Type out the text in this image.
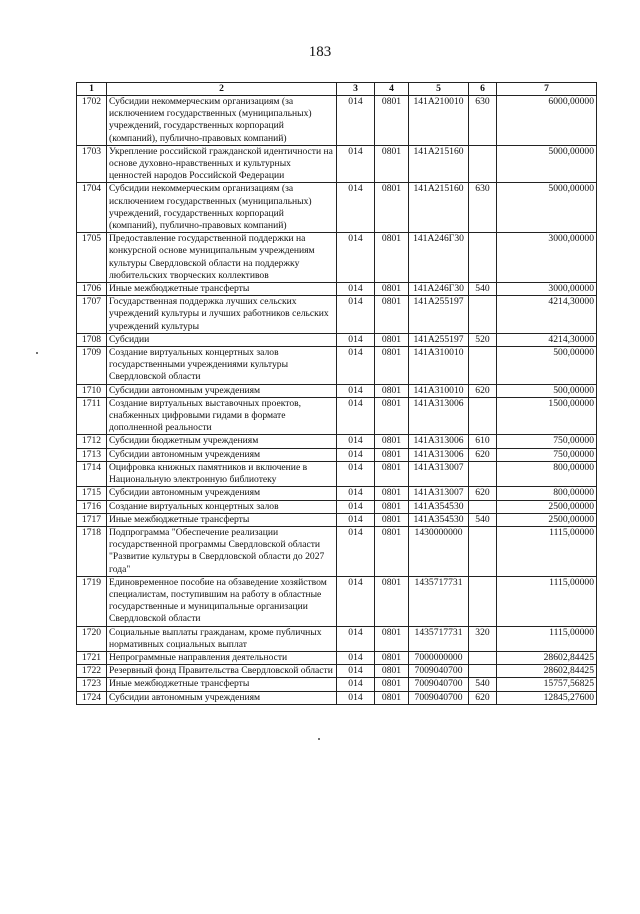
183
1	2	3	4	5	6	7
1702	Субсидии некоммерческим организациям (за исключением государственных (муниципальных) учреждений, государственных корпораций (компаний), публично-правовых компаний)	014	0801	141A210010	630	6000,00000
1703	Укрепление российской гражданской идентичности на основе духовно-нравственных и культурных ценностей народов Российской Федерации	014	0801	141A215160		5000,00000
1704	Субсидии некоммерческим организациям (за исключением государственных (муниципальных) учреждений, государственных корпораций (компаний), публично-правовых компаний)	014	0801	141A215160	630	5000,00000
1705	Предоставление государственной поддержки на конкурсной основе муниципальным учреждениям культуры Свердловской области на поддержку любительских творческих коллективов	014	0801	141A246Г30		3000,00000
1706	Иные межбюджетные трансферты	014	0801	141A246Г30	540	3000,00000
1707	Государственная поддержка лучших сельских учреждений культуры и лучших работников сельских учреждений культуры	014	0801	141A255197		4214,30000
1708	Субсидии	014	0801	141A255197	520	4214,30000
1709	Создание виртуальных концертных залов государственными учреждениями культуры Свердловской области	014	0801	141A310010		500,00000
1710	Субсидии автономным учреждениям	014	0801	141A310010	620	500,00000
1711	Создание виртуальных выставочных проектов, снабженных цифровыми гидами в формате дополненной реальности	014	0801	141A313006		1500,00000
1712	Субсидии бюджетным учреждениям	014	0801	141A313006	610	750,00000
1713	Субсидии автономным учреждениям	014	0801	141A313006	620	750,00000
1714	Оцифровка книжных памятников и включение в Национальную электронную библиотеку	014	0801	141A313007		800,00000
1715	Субсидии автономным учреждениям	014	0801	141A313007	620	800,00000
1716	Создание виртуальных концертных залов	014	0801	141A354530		2500,00000
1717	Иные межбюджетные трансферты	014	0801	141A354530	540	2500,00000
1718	Подпрограмма "Обеспечение реализации государственной программы Свердловской области "Развитие культуры в Свердловской области до 2027 года"	014	0801	1430000000		1115,00000
1719	Единовременное пособие на обзаведение хозяйством специалистам, поступившим на работу в областные государственные и муниципальные организации Свердловской области	014	0801	1435717731		1115,00000
1720	Социальные выплаты гражданам, кроме публичных нормативных социальных выплат	014	0801	1435717731	320	1115,00000
1721	Непрограммные направления деятельности	014	0801	7000000000		28602,84425
1722	Резервный фонд Правительства Свердловской области	014	0801	7009040700		28602,84425
1723	Иные межбюджетные трансферты	014	0801	7009040700	540	15757,56825
1724	Субсидии автономным учреждениям	014	0801	7009040700	620	12845,27600
